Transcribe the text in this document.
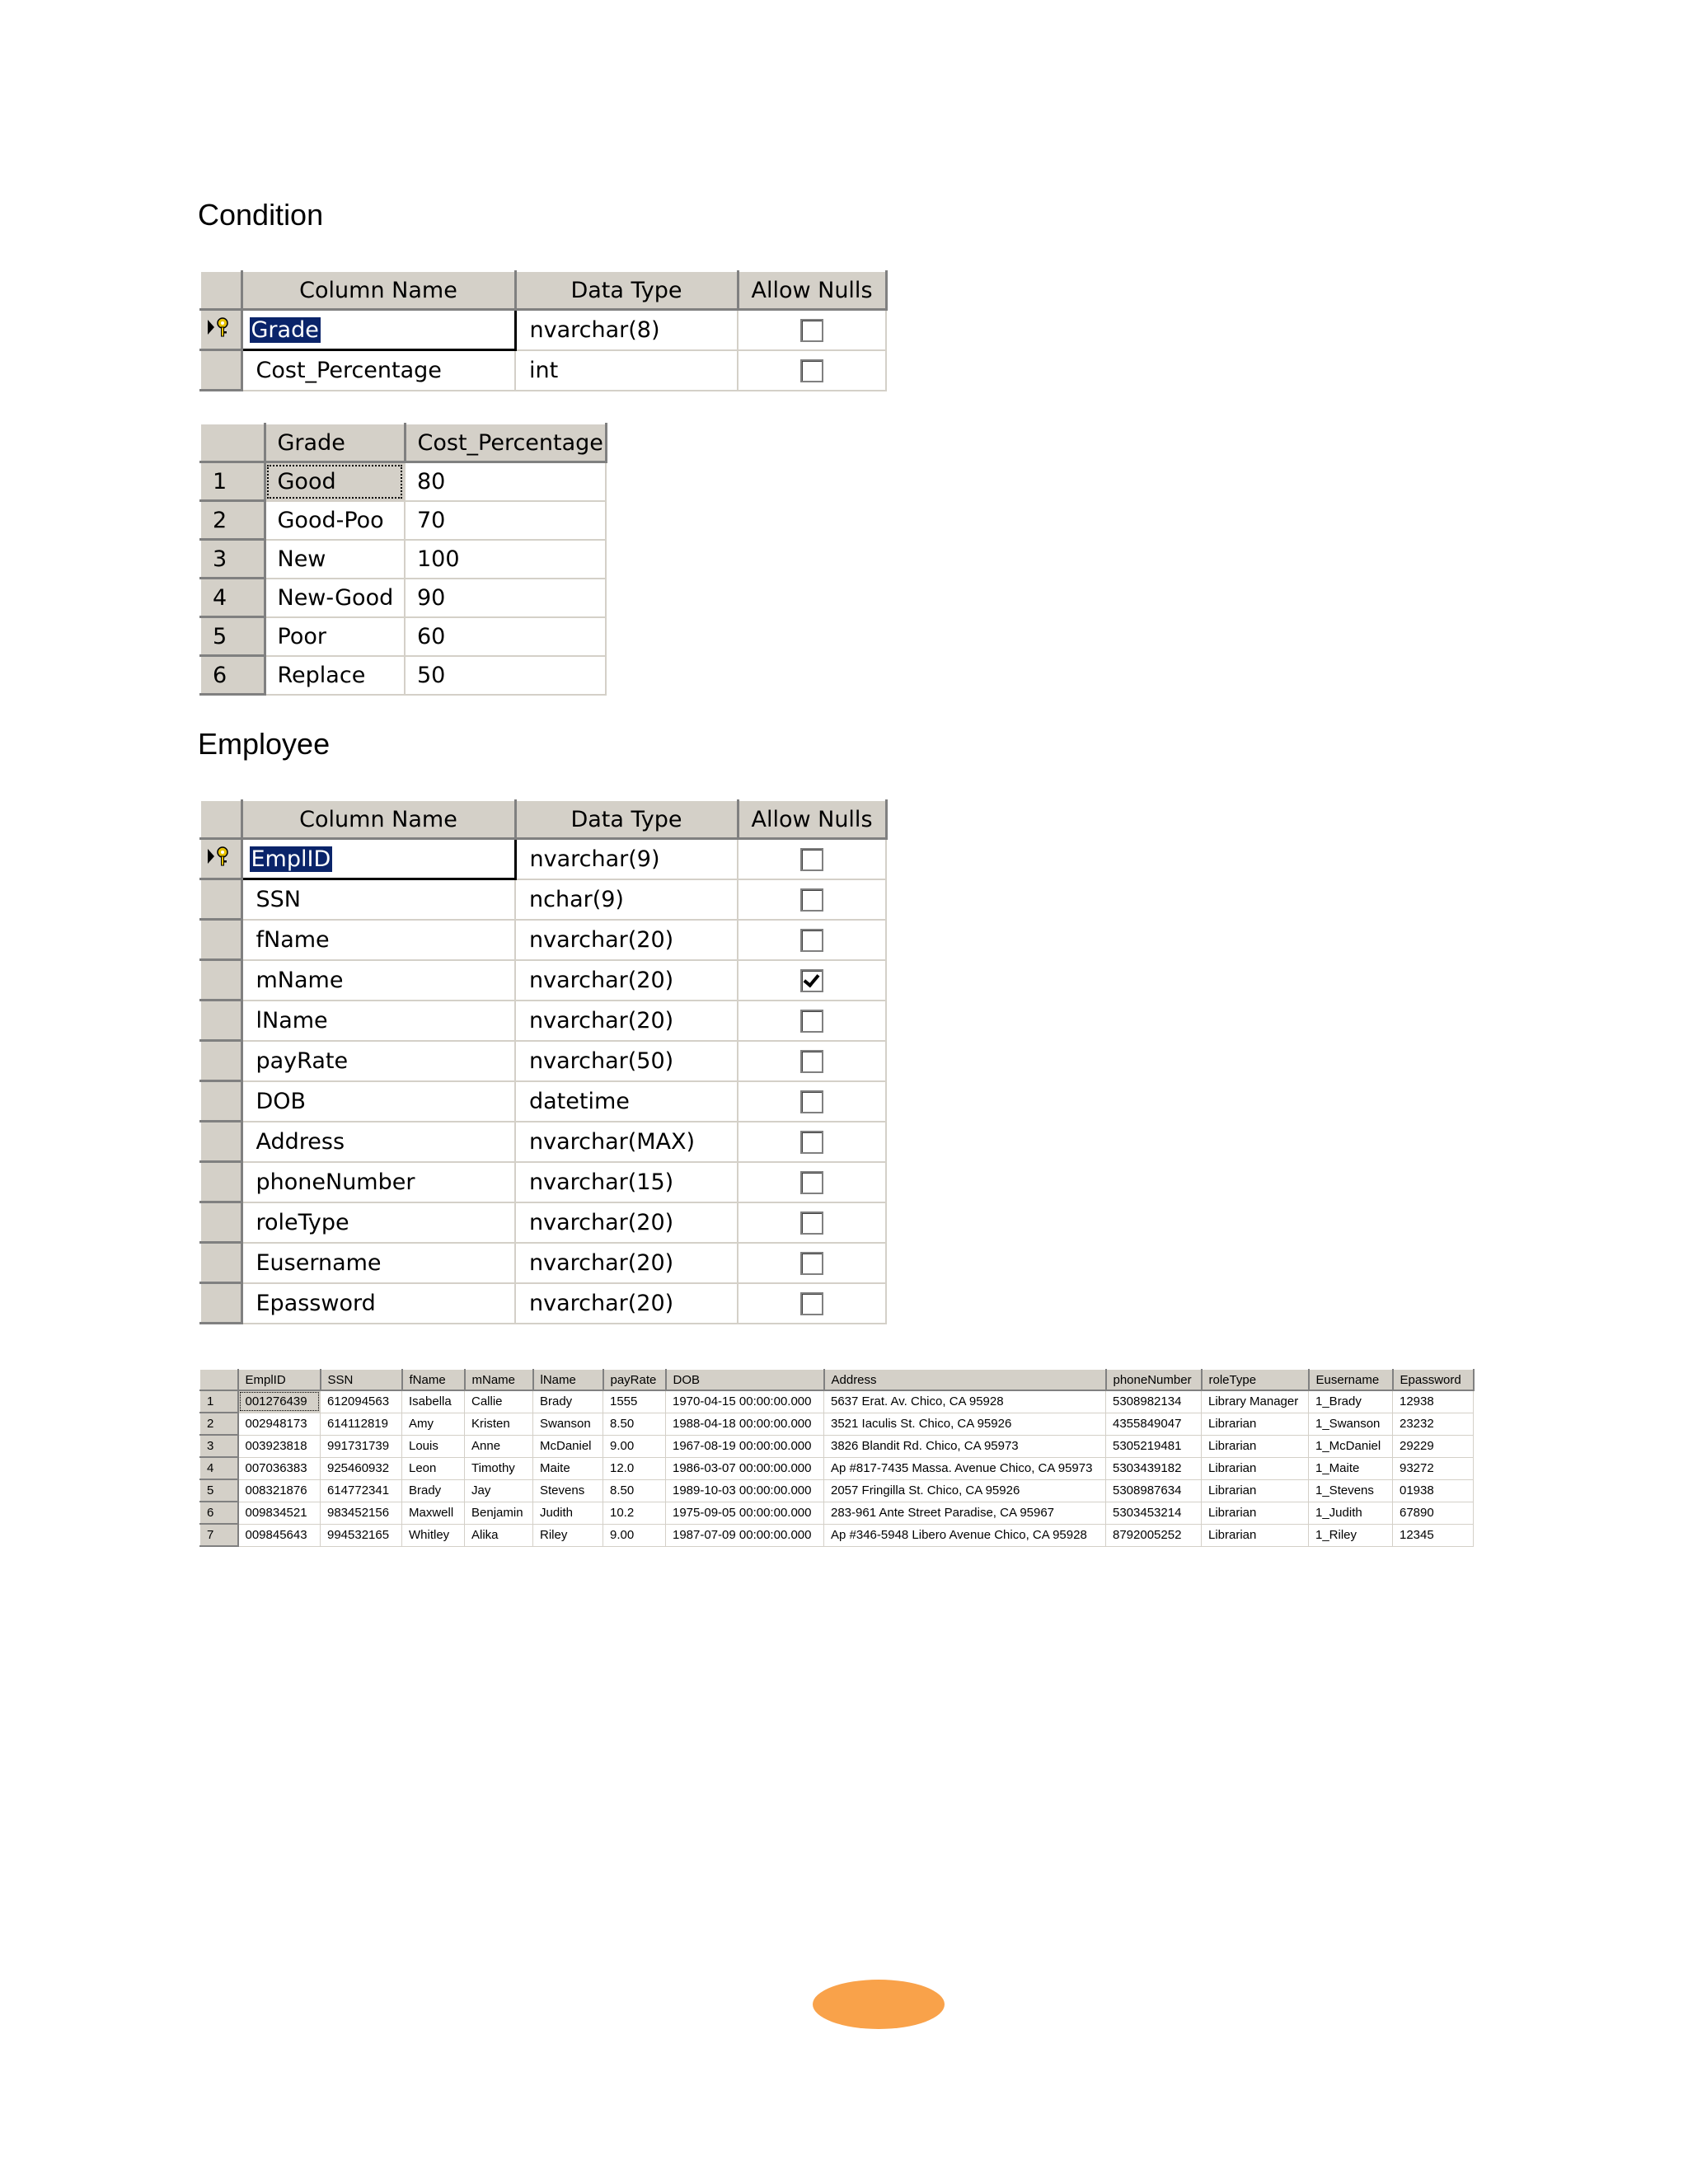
Condition
	Column Name	Data Type	Allow Nulls
	Grade	nvarchar(8)	
	Cost_Percentage	int	
	Grade	Cost_Percentage
1	Good	80
2	Good-Poo	70
3	New	100
4	New-Good	90
5	Poor	60
6	Replace	50
Employee
	Column Name	Data Type	Allow Nulls
	EmplID	nvarchar(9)	
	SSN	nchar(9)	
	fName	nvarchar(20)	
	mName	nvarchar(20)	
	lName	nvarchar(20)	
	payRate	nvarchar(50)	
	DOB	datetime	
	Address	nvarchar(MAX)	
	phoneNumber	nvarchar(15)	
	roleType	nvarchar(20)	
	Eusername	nvarchar(20)	
	Epassword	nvarchar(20)	
	EmplID	SSN	fName	mName	lName	payRate	DOB	Address	phoneNumber	roleType	Eusername	Epassword
1	001276439	612094563	Isabella	Callie	Brady	1555	1970-04-15 00:00:00.000	5637 Erat. Av. Chico, CA 95928	5308982134	Library Manager	1_Brady	12938
2	002948173	614112819	Amy	Kristen	Swanson	8.50	1988-04-18 00:00:00.000	3521 Iaculis St. Chico, CA 95926	4355849047	Librarian	1_Swanson	23232
3	003923818	991731739	Louis	Anne	McDaniel	9.00	1967-08-19 00:00:00.000	3826 Blandit Rd. Chico, CA 95973	5305219481	Librarian	1_McDaniel	29229
4	007036383	925460932	Leon	Timothy	Maite	12.0	1986-03-07 00:00:00.000	Ap #817-7435 Massa. Avenue Chico, CA 95973	5303439182	Librarian	1_Maite	93272
5	008321876	614772341	Brady	Jay	Stevens	8.50	1989-10-03 00:00:00.000	2057 Fringilla St. Chico, CA 95926	5308987634	Librarian	1_Stevens	01938
6	009834521	983452156	Maxwell	Benjamin	Judith	10.2	1975-09-05 00:00:00.000	283-961 Ante Street Paradise, CA 95967	5303453214	Librarian	1_Judith	67890
7	009845643	994532165	Whitley	Alika	Riley	9.00	1987-07-09 00:00:00.000	Ap #346-5948 Libero Avenue Chico, CA 95928	8792005252	Librarian	1_Riley	12345
